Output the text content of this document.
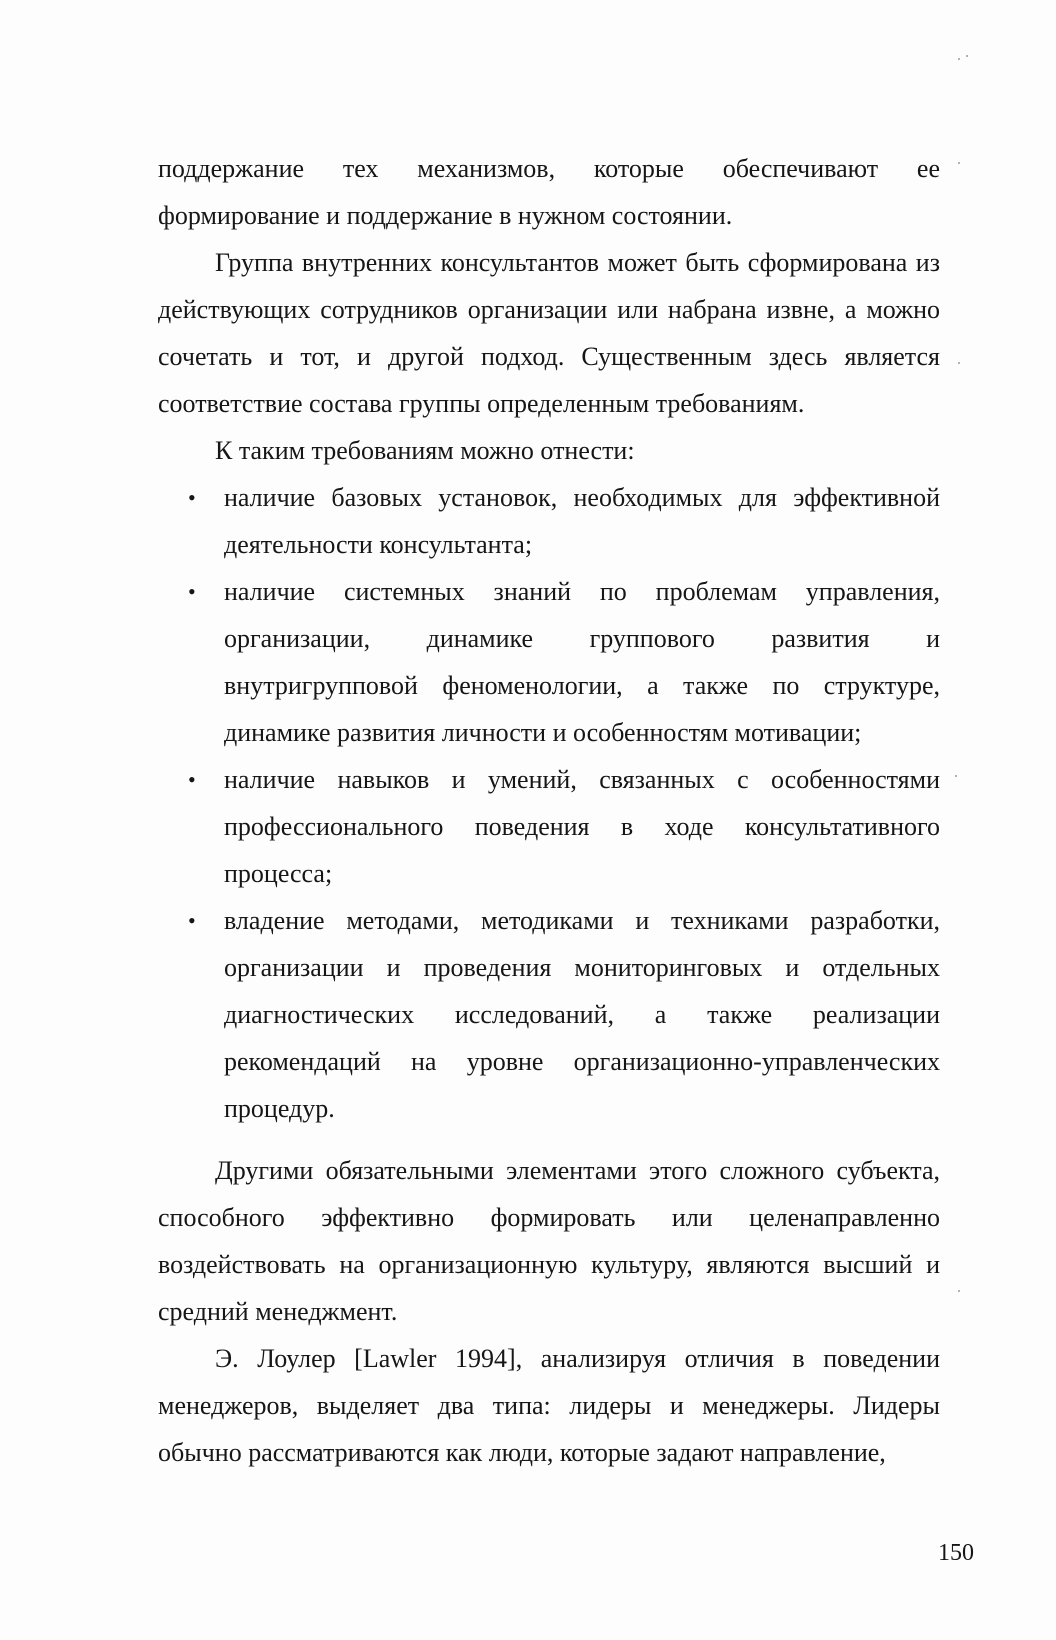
поддержание тех механизмов, которые обеспечивают ее формирование и поддержание в нужном состоянии.

Группа внутренних консультантов может быть сформирована из действующих сотрудников организации или набрана извне, а можно сочетать и тот, и другой подход. Существенным здесь является соответствие состава группы определенным требованиям.

К таким требованиям можно отнести:

• наличие базовых установок, необходимых для эффективной деятельности консультанта;
• наличие системных знаний по проблемам управления, организации, динамике группового развития и внутригрупповой феноменологии, а также по структуре, динамике развития личности и особенностям мотивации;
• наличие навыков и умений, связанных с особенностями профессионального поведения в ходе консультативного процесса;
• владение методами, методиками и техниками разработки, организации и проведения мониторинговых и отдельных диагностических исследований, а также реализации рекомендаций на уровне организационно-управленческих процедур.

Другими обязательными элементами этого сложного субъекта, способного эффективно формировать или целенаправленно воздействовать на организационную культуру, являются высший и средний менеджмент.

Э. Лоулер [Lawler 1994], анализируя отличия в поведении менеджеров, выделяет два типа: лидеры и менеджеры. Лидеры обычно рассматриваются как люди, которые задают направление,

150
